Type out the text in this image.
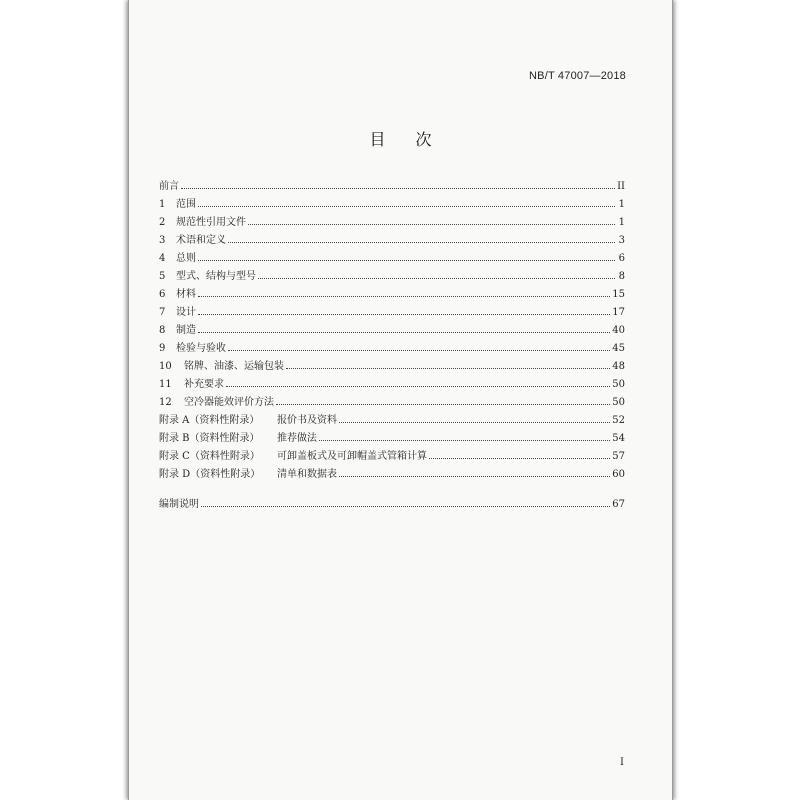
NB/T 47007—2018
目次
前言	II
1	范围	1
2	规范性引用文件	1
3	术语和定义	3
4	总则	6
5	型式、结构与型号	8
6	材料	15
7	设计	17
8	制造	40
9	检验与验收	45
10	铭牌、油漆、运输包装	48
11	补充要求	50
12	空冷器能效评价方法	50
附录 A（资料性附录）	报价书及资料	52
附录 B（资料性附录）	推荐做法	54
附录 C（资料性附录）	可卸盖板式及可卸帽盖式管箱计算	57
附录 D（资料性附录）	清单和数据表	60
编制说明	67
I
